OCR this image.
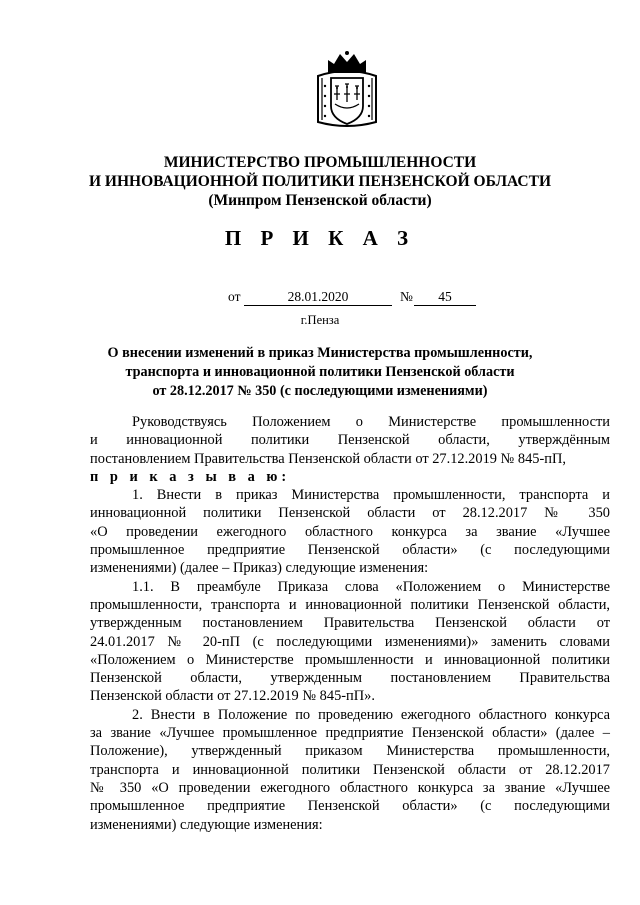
МИНИСТЕРСТВО ПРОМЫШЛЕННОСТИ
И ИННОВАЦИОННОЙ ПОЛИТИКИ ПЕНЗЕНСКОЙ ОБЛАСТИ
(Минпром Пензенской области)
П Р И К А З
от	28.01.2020	№	45
г.Пенза
О внесении изменений в приказ Министерства промышленности,
транспорта и инновационной политики Пензенской области
от 28.12.2017 № 350 (с последующими изменениями)
Руководствуясь Положением о Министерстве промышленности
и инновационной политики Пензенской области, утверждённым
постановлением Правительства Пензенской области от 27.12.2019 № 845-пП,
п р и к а з ы в а ю:
1. Внести в приказ Министерства промышленности, транспорта и
инновационной политики Пензенской области от 28.12.2017 № 350
«О проведении ежегодного областного конкурса за звание «Лучшее
промышленное предприятие Пензенской области» (с последующими
изменениями) (далее – Приказ) следующие изменения:
1.1. В преамбуле Приказа слова «Положением о Министерстве
промышленности, транспорта и инновационной политики Пензенской области,
утвержденным постановлением Правительства Пензенской области от
24.01.2017 № 20-пП (с последующими изменениями)» заменить словами
«Положением о Министерстве промышленности и инновационной политики
Пензенской области, утвержденным постановлением Правительства
Пензенской области от 27.12.2019 № 845-пП».
2. Внести в Положение по проведению ежегодного областного конкурса
за звание «Лучшее промышленное предприятие Пензенской области» (далее –
Положение), утвержденный приказом Министерства промышленности,
транспорта и инновационной политики Пензенской области от 28.12.2017
№ 350 «О проведении ежегодного областного конкурса за звание «Лучшее
промышленное предприятие Пензенской области» (с последующими
изменениями) следующие изменения:
